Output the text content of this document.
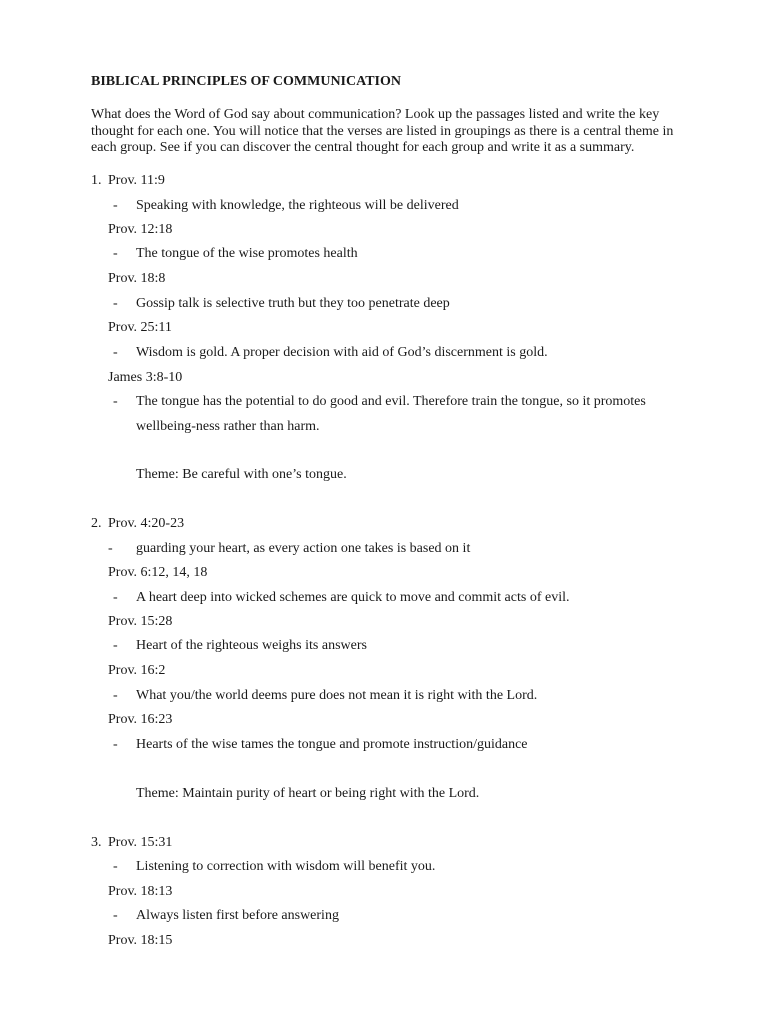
BIBLICAL PRINCIPLES OF COMMUNICATION
What does the Word of God say about communication? Look up the passages listed and write the key thought for each one. You will notice that the verses are listed in groupings as there is a central theme in each group. See if you can discover the central thought for each group and write it as a summary.
1. Prov. 11:9
-	Speaking with knowledge, the righteous will be delivered
Prov. 12:18
-	The tongue of the wise promotes health
Prov. 18:8
-	Gossip talk is selective truth but they too penetrate deep
Prov. 25:11
-	Wisdom is gold. A proper decision with aid of God’s discernment is gold.
James 3:8-10
-	The tongue has the potential to do good and evil. Therefore train the tongue, so it promotes
wellbeing-ness rather than harm.
Theme: Be careful with one’s tongue.
2. Prov. 4:20-23
-	guarding your heart, as every action one takes is based on it
Prov. 6:12, 14, 18
-	A heart deep into wicked schemes are quick to move and commit acts of evil.
Prov. 15:28
-	Heart of the righteous weighs its answers
Prov. 16:2
-	What you/the world deems pure does not mean it is right with the Lord.
Prov. 16:23
-	Hearts of the wise tames the tongue and promote instruction/guidance
Theme: Maintain purity of heart or being right with the Lord.
3. Prov. 15:31
-	Listening to correction with wisdom will benefit you.
Prov. 18:13
-	Always listen first before answering
Prov. 18:15
